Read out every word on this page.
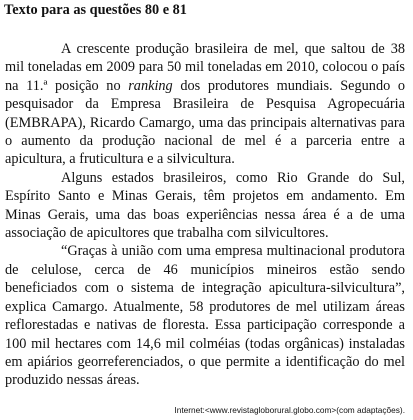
Texto para as questões 80 e 81

A crescente produção brasileira de mel, que saltou de 38 mil toneladas em 2009 para 50 mil toneladas em 2010, colocou o país na 11.ª posição no ranking dos produtores mundiais. Segundo o pesquisador da Empresa Brasileira de Pesquisa Agropecuária (EMBRAPA), Ricardo Camargo, uma das principais alternativas para o aumento da produção nacional de mel é a parceria entre a apicultura, a fruticultura e a silvicultura.

Alguns estados brasileiros, como Rio Grande do Sul, Espírito Santo e Minas Gerais, têm projetos em andamento. Em Minas Gerais, uma das boas experiências nessa área é a de uma associação de apicultores que trabalha com silvicultores.

“Graças à união com uma empresa multinacional produtora de celulose, cerca de 46 municípios mineiros estão sendo beneficiados com o sistema de integração apicultura-silvicultura”, explica Camargo. Atualmente, 58 produtores de mel utilizam áreas reflorestadas e nativas de floresta. Essa participação corresponde a 100 mil hectares com 14,6 mil colméias (todas orgânicas) instaladas em apiários georreferenciados, o que permite a identificação do mel produzido nessas áreas.

Internet:<www.revistagloborural.globo.com>(com adaptações).
